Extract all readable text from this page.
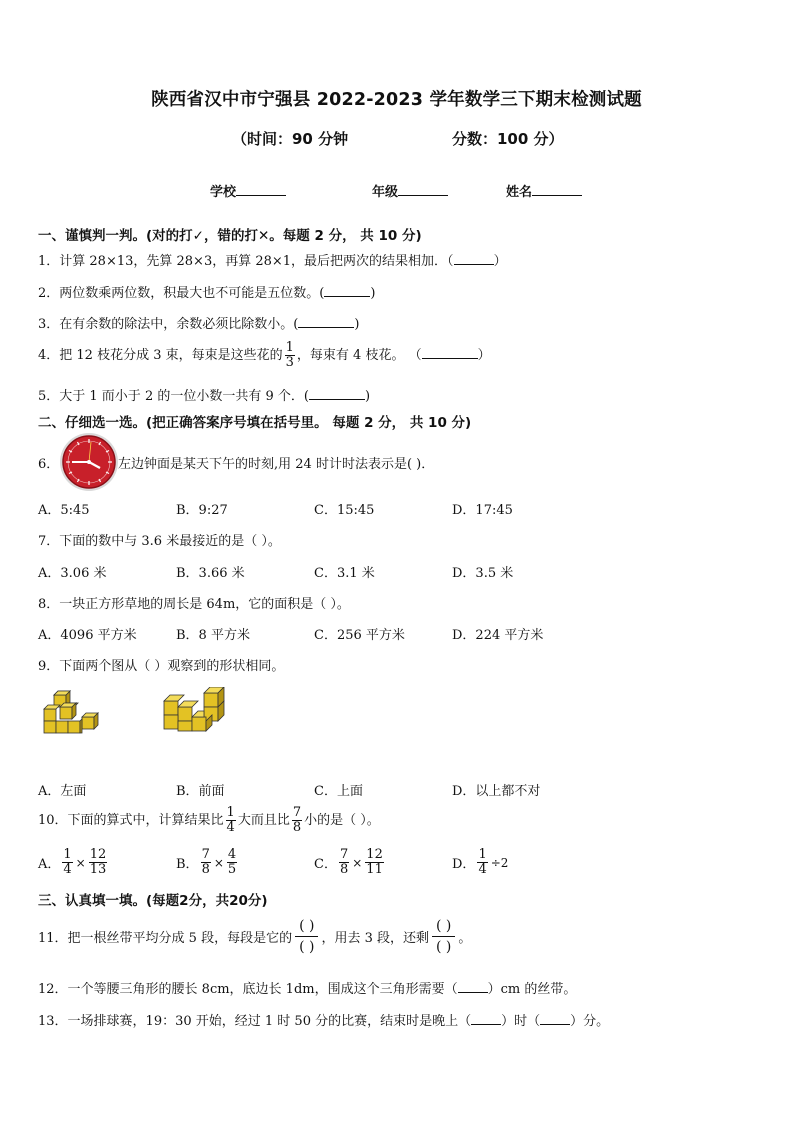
陕西省汉中市宁强县 2022-2023 学年数学三下期末检测试题
（时间：90 分钟	分数：100 分）
学校	年级	姓名
一、谨慎判一判。(对的打✓，错的打✕。每题 2 分， 共 10 分)
1．计算 28×13，先算 28×3，再算 28×1，最后把两次的结果相加．（	）
2．两位数乘两位数，积最大也不可能是五位数。(	)
3．在有余数的除法中，余数必须比除数小。(	)
4．把 12 枝花分成 3 束，每束是这些花的 $\frac{1}{3}$ ，每束有 4 枝花。 （	）
5．大于 1 而小于 2 的一位小数一共有 9 个．(	)
二、仔细选一选。(把正确答案序号填在括号里。 每题 2 分， 共 10 分)
6．	左边钟面是某天下午的时刻,用 24 时计时法表示是( )．
A．5:45	B．9:27	C．15:45	D．17:45
7．下面的数中与 3.6 米最接近的是（ ）。
A．3.06 米	B．3.66 米	C．3.1 米	D．3.5 米
8．一块正方形草地的周长是 64m，它的面积是（ ）。
A．4096 平方米	B．8 平方米	C．256 平方米	D．224 平方米
9．下面两个图从（ ）观察到的形状相同。
A．左面	B．前面	C．上面	D．以上都不对
10．下面的算式中，计算结果比 $\frac{1}{4}$ 大而且比 $\frac{7}{8}$ 小的是（ ）。
A． $\frac{1}{4} \times \frac{12}{13}$	B． $\frac{7}{8} \times \frac{4}{5}$	C． $\frac{7}{8} \times \frac{12}{11}$	D． $\frac{1}{4} \div 2$
三、认真填一填。(每题2分，共20分)
11．把一根丝带平均分成 5 段，每段是它的
( )
( )
，用去 3 段，还剩
( )
( )
。
12．一个等腰三角形的腰长 8cm，底边长 1dm，围成这个三角形需要（ ）cm 的丝带。
13．一场排球赛，19：30 开始，经过 1 时 50 分的比赛，结束时是晚上（ ）时（ ）分。
